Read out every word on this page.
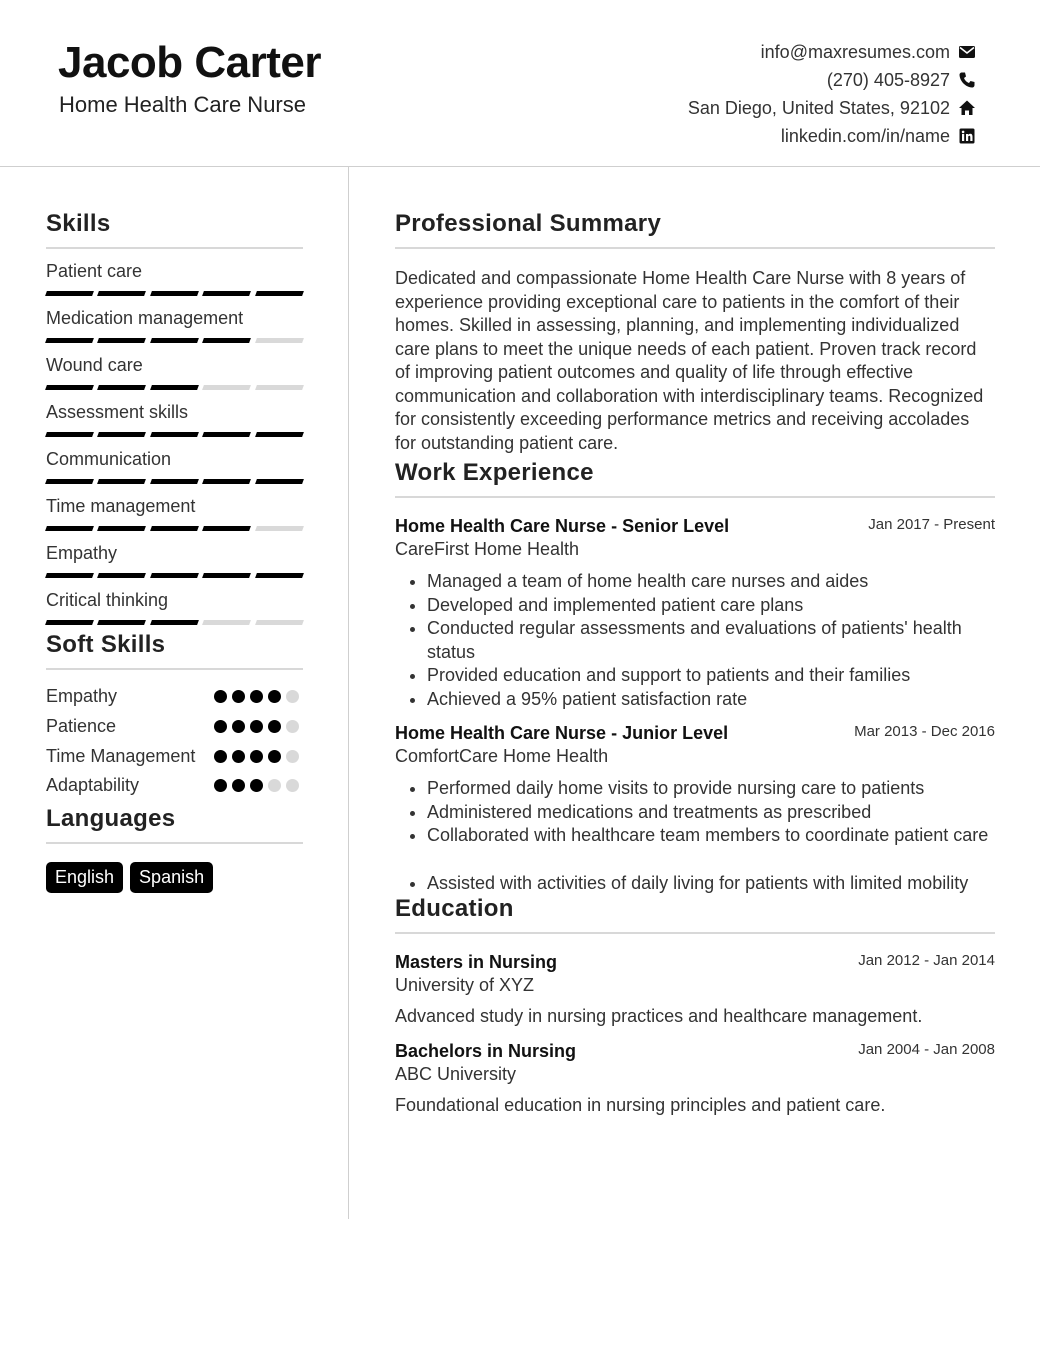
Jacob Carter
Home Health Care Nurse
info@maxresumes.com
(270) 405-8927
San Diego, United States, 92102
linkedin.com/in/name
Skills
Patient care
Medication management
Wound care
Assessment skills
Communication
Time management
Empathy
Critical thinking
Soft Skills
Empathy
Patience
Time Management
Adaptability
Languages
English	Spanish
Professional Summary
Dedicated and compassionate Home Health Care Nurse with 8 years of experience providing exceptional care to patients in the comfort of their homes. Skilled in assessing, planning, and implementing individualized care plans to meet the unique needs of each patient. Proven track record of improving patient outcomes and quality of life through effective communication and collaboration with interdisciplinary teams. Recognized for consistently exceeding performance metrics and receiving accolades for outstanding patient care.
Work Experience
Home Health Care Nurse - Senior Level	Jan 2017 - Present
CareFirst Home Health
• Managed a team of home health care nurses and aides
• Developed and implemented patient care plans
• Conducted regular assessments and evaluations of patients' health status
• Provided education and support to patients and their families
• Achieved a 95% patient satisfaction rate
Home Health Care Nurse - Junior Level	Mar 2013 - Dec 2016
ComfortCare Home Health
• Performed daily home visits to provide nursing care to patients
• Administered medications and treatments as prescribed
• Collaborated with healthcare team members to coordinate patient care
• Assisted with activities of daily living for patients with limited mobility
Education
Masters in Nursing	Jan 2012 - Jan 2014
University of XYZ
Advanced study in nursing practices and healthcare management.
Bachelors in Nursing	Jan 2004 - Jan 2008
ABC University
Foundational education in nursing principles and patient care.
